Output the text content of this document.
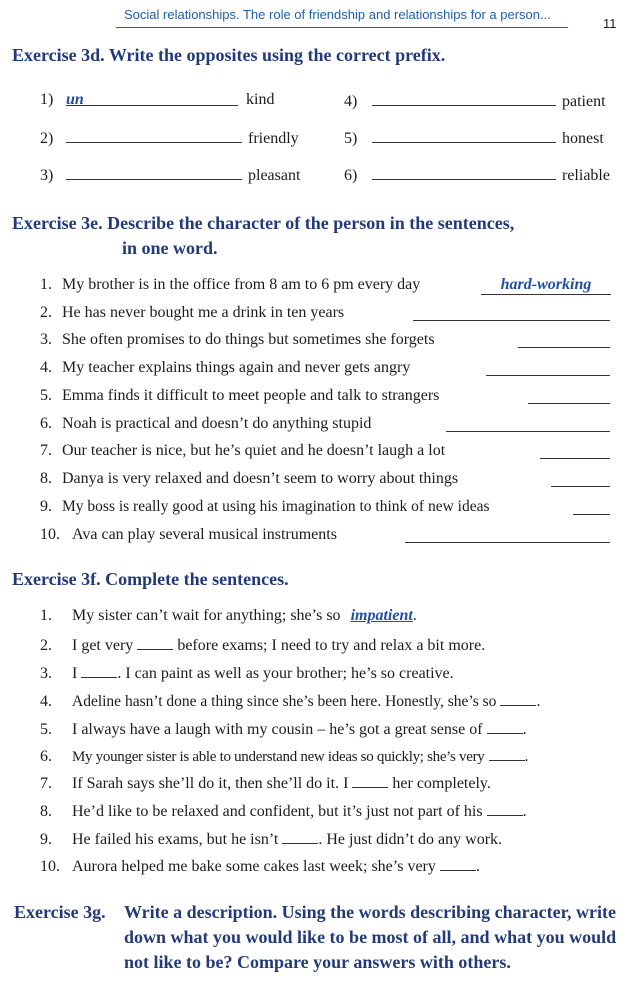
Social relationships. The role of friendship and relationships for a person...
11
Exercise 3d. Write the opposites using the correct prefix.
1) un	kind
2)	friendly
3)	pleasant
4)	patient
5)	honest
6)	reliable
Exercise 3e. Describe the character of the person in the sentences,
in one word.
1. My brother is in the office from 8 am to 6 pm every day	hard-working
2. He has never bought me a drink in ten years
3. She often promises to do things but sometimes she forgets
4. My teacher explains things again and never gets angry
5. Emma finds it difficult to meet people and talk to strangers
6. Noah is practical and doesn’t do anything stupid
7. Our teacher is nice, but he’s quiet and he doesn’t laugh a lot
8. Danya is very relaxed and doesn’t seem to worry about things
9. My boss is really good at using his imagination to think of new ideas
10. Ava can play several musical instruments
Exercise 3f. Complete the sentences.
1. My sister can’t wait for anything; she’s so impatient.
2. I get very	before exams; I need to try and relax a bit more.
3. I	. I can paint as well as your brother; he’s so creative.
4. Adeline hasn’t done a thing since she’s been here. Honestly, she’s so	.
5. I always have a laugh with my cousin – he’s got a great sense of	.
6. My younger sister is able to understand new ideas so quickly; she’s very	.
7. If Sarah says she’ll do it, then she’ll do it. I	her completely.
8. He’d like to be relaxed and confident, but it’s just not part of his	.
9. He failed his exams, but he isn’t	. He just didn’t do any work.
10. Aurora helped me bake some cakes last week; she’s very	.
Exercise 3g. Write a description. Using the words describing character, write
down what you would like to be most of all, and what you would
not like to be? Compare your answers with others.
